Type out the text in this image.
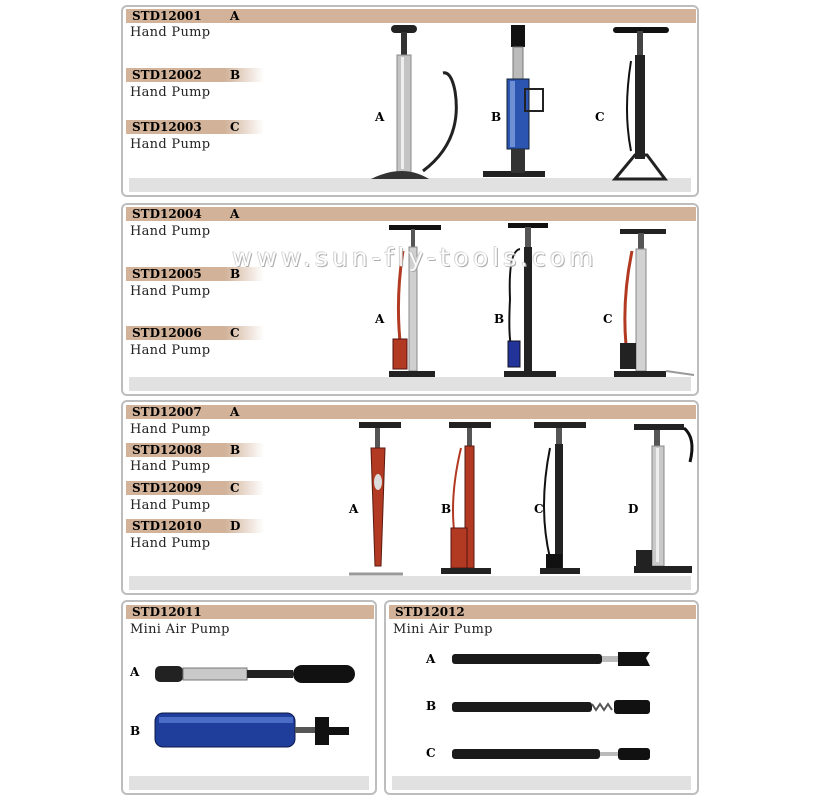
STD12001 A
Hand Pump
STD12002 B
Hand Pump
STD12003 C
Hand Pump
A	B	C
STD12004 A
Hand Pump
STD12005 B
Hand Pump
STD12006 C
Hand Pump
A	B	C
STD12007 A
Hand Pump
STD12008 B
Hand Pump
STD12009 C
Hand Pump
STD12010 D
Hand Pump
A	B	C	D
STD12011
Mini Air Pump
A
B
STD12012
Mini Air Pump
A
B
C
www.sun-fly-tools.com
